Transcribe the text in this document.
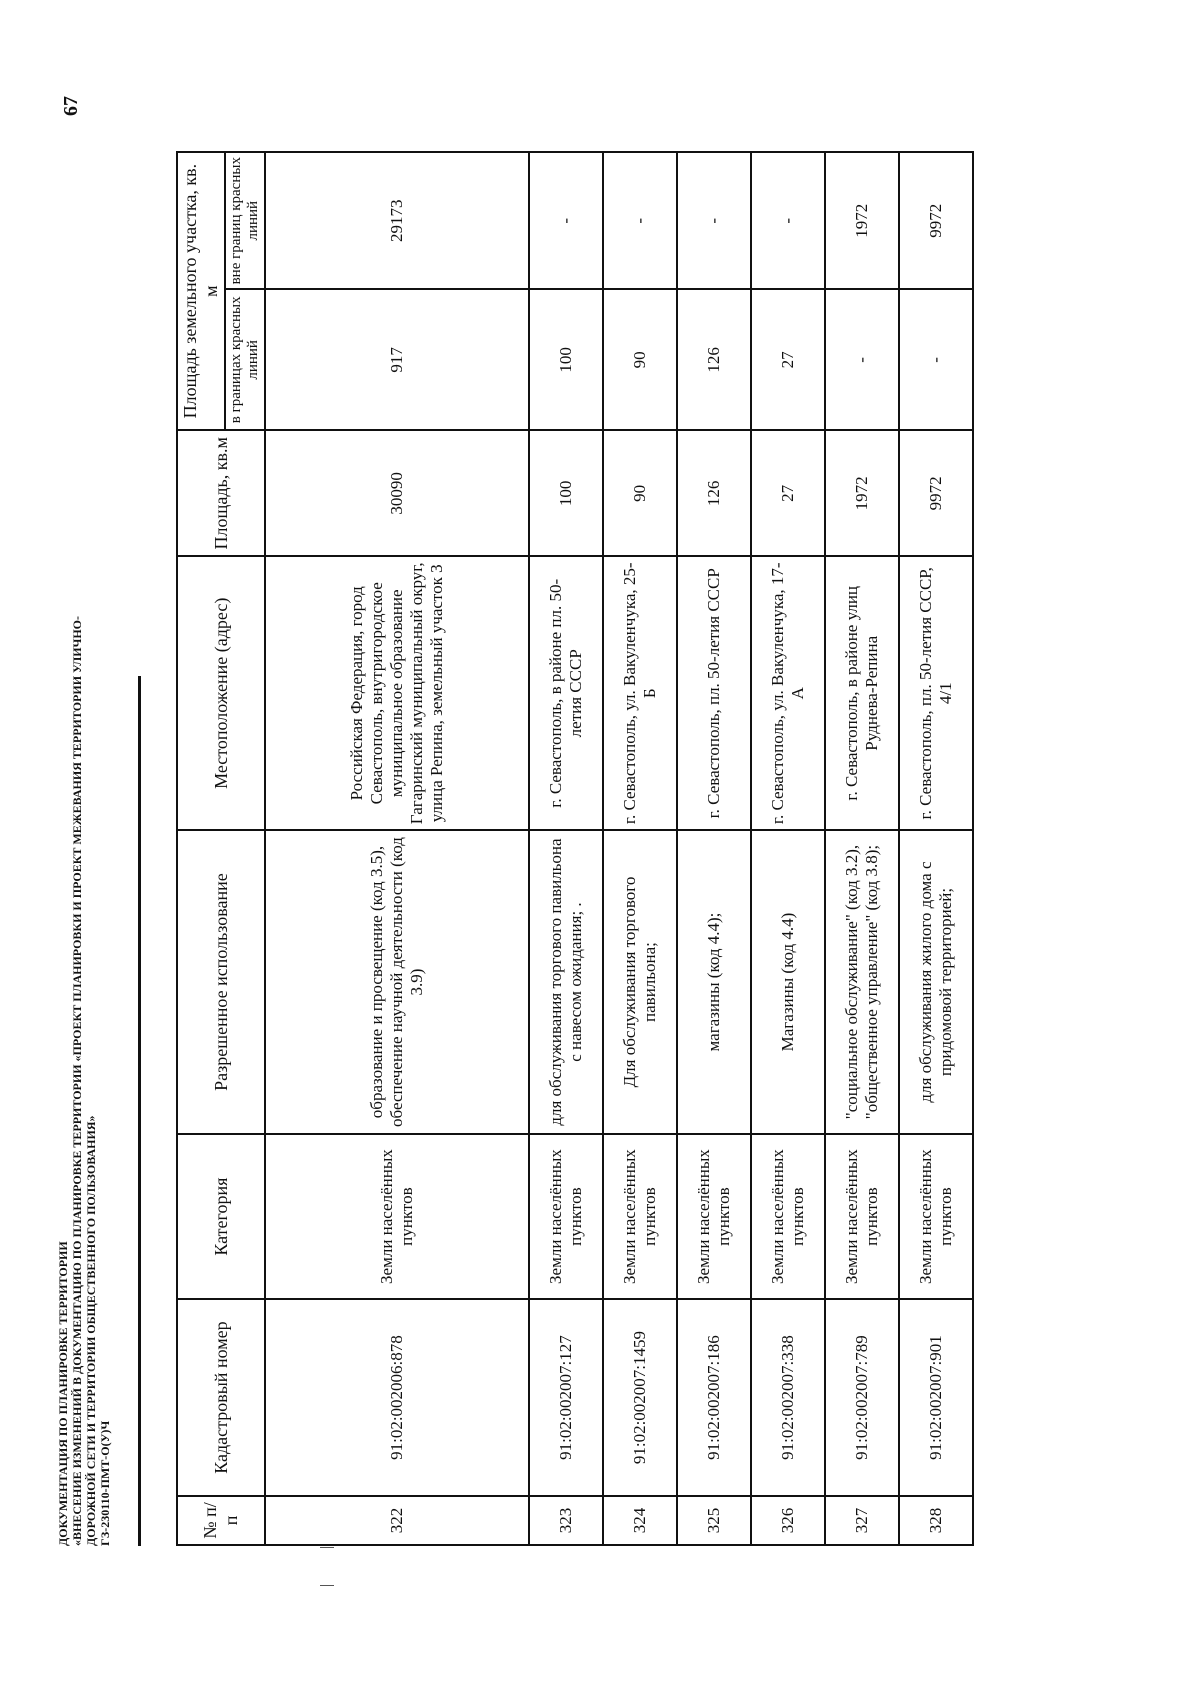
67
ДОКУМЕНТАЦИЯ ПО ПЛАНИРОВКЕ ТЕРРИТОРИИ «ВНЕСЕНИЕ ИЗМЕНЕНИЙ В ДОКУМЕНТАЦИЮ ПО ПЛАНИРОВКЕ ТЕРРИТОРИИ «ПРОЕКТ ПЛАНИРОВКИ И ПРОЕКТ МЕЖЕВАНИЯ ТЕРРИТОРИИ УЛИЧНО- ДОРОЖНОЙ СЕТИ И ТЕРРИТОРИИ ОБЩЕСТВЕННОГО ПОЛЬЗОВАНИЯ» ГЗ-230110-ПМТ-О(У)Ч	№ п/п	Кадастровый номер	Категория	Разрешенное использование	Местоположение (адрес)	Площадь, кв.м	Площадь земельного участка, кв. м	
						в границах красных линий	вне границ красных линий
322	91:02:002006:878	Земли населённых пунктов	образование и просвещение (код 3.5), обеспечение научной деятельности (код 3.9)	Российская Федерация, город Севастополь, внутригородское муниципальное образование Гагаринский муниципальный округ, улица Репина, земельный участок 3	30090	917	29173
323	91:02:002007:127	Земли населённых пунктов	для обслуживания торгового павильона с навесом ожидания; .	г. Севастополь, в районе пл. 50-летия СССР	100	100	-
324	91:02:002007:1459	Земли населённых пунктов	Для обслуживания торгового павильона;	г. Севастополь, ул. Вакуленчука, 25-Б	90	90	-
325	91:02:002007:186	Земли населённых пунктов	магазины (код 4.4);	г. Севастополь, пл. 50-летия СССР	126	126	-
326	91:02:002007:338	Земли населённых пунктов	Магазины (код 4.4)	г. Севастополь, ул. Вакуленчука, 17-А	27	27	-
327	91:02:002007:789	Земли населённых пунктов	"социальное обслуживание" (код 3.2), "общественное управление" (код 3.8);	г. Севастополь, в районе улиц Руднева-Репина	1972	-	1972
328	91:02:002007:901	Земли населённых пунктов	для обслуживания жилого дома с придомовой территорией;	г. Севастополь, пл. 50-летия СССР, 4/1	9972	-	9972
